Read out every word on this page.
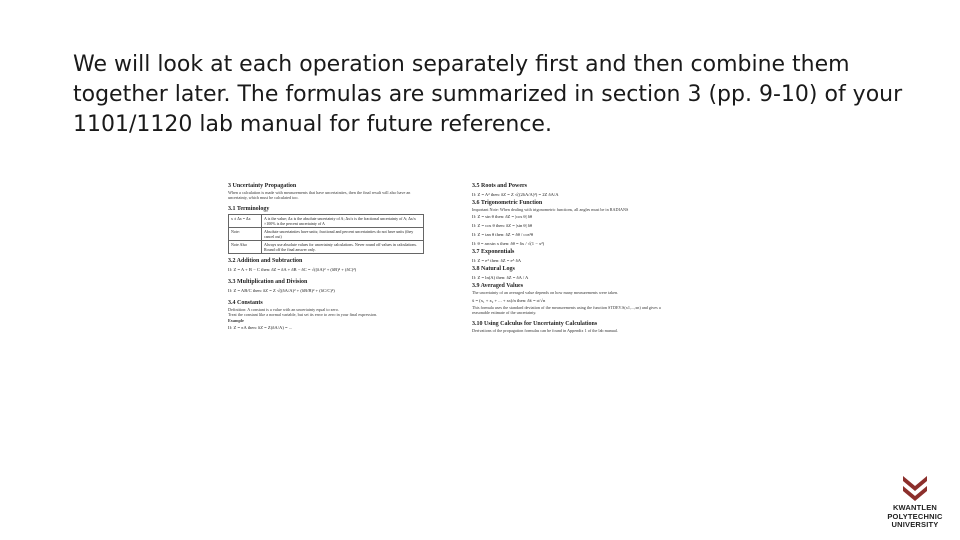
We will look at each operation separately first and then combine them together later. The formulas are summarized in section 3 (pp. 9-10) of your 1101/1120 lab manual for future reference.
3 Uncertainty Propagation
When a calculation is made with measurements that have uncertainties, then the final result will also have an uncertainty, which must be calculated too.
3.1 Terminology
x ± Δx = Δx	A is the value; Δx is the absolute uncertainty of A; Δx/x is the fractional uncertainty of A; Δx/x ×100% is the percent uncertainty of A
Note:	Absolute uncertainties have units; fractional and percent uncertainties do not have units (they cancel out)
Note Also	Always use absolute values for uncertainty calculations. Never round off values in calculations. Round off the final answer only.
3.2 Addition and Subtraction
If: Z = A + B − C then: δZ = δA + δB − δC = √((δA)² + (δB)² + (δC)²)
3.3 Multiplication and Division
If: Z = AB/C then: δZ = Z √((δA/A)² + (δB/B)² + (δC/C)²)
3.4 Constants
Definition: A constant is a value with an uncertainty equal to zero.
Treat the constant like a normal variable, but set its error to zero in your final expression.
Example
If: Z = πA then: δZ = Z(δA/A) = ...
3.5 Roots and Powers
If: Z = A² then: δZ = Z √((2δA/A)²) = 2Z δA/A
3.6 Trigonometric Function
Important Note: When dealing with trigonometric functions, all angles must be in RADIANS
If: Z = sin θ then: δZ = |cos θ| δθ
If: Z = cos θ then: δZ = |sin θ| δθ
If: Z = tan θ then: δZ = δθ / cos²θ
If: θ = arcsin x then: δθ = δx / √(1 − x²)
3.7 Exponentials
If: Z = eᴬ then: δZ = eᴬ δA
3.8 Natural Logs
If: Z = ln(A) then: δZ = δA / A
3.9 Averaged Values
The uncertainty of an averaged value depends on how many measurements were taken.
x̄ = (x₁ + x₂ + ... + xₙ)/n then: δx̄ = σ/√n
This formula uses the standard deviation of the measurements using the function STDEV.S(x1,...,xn) and gives a reasonable estimate of the uncertainty.
3.10 Using Calculus for Uncertainty Calculations
Derivations of the propagation formulas can be found in Appendix 1 of the lab manual.
KWANTLEN
POLYTECHNIC
UNIVERSITY
